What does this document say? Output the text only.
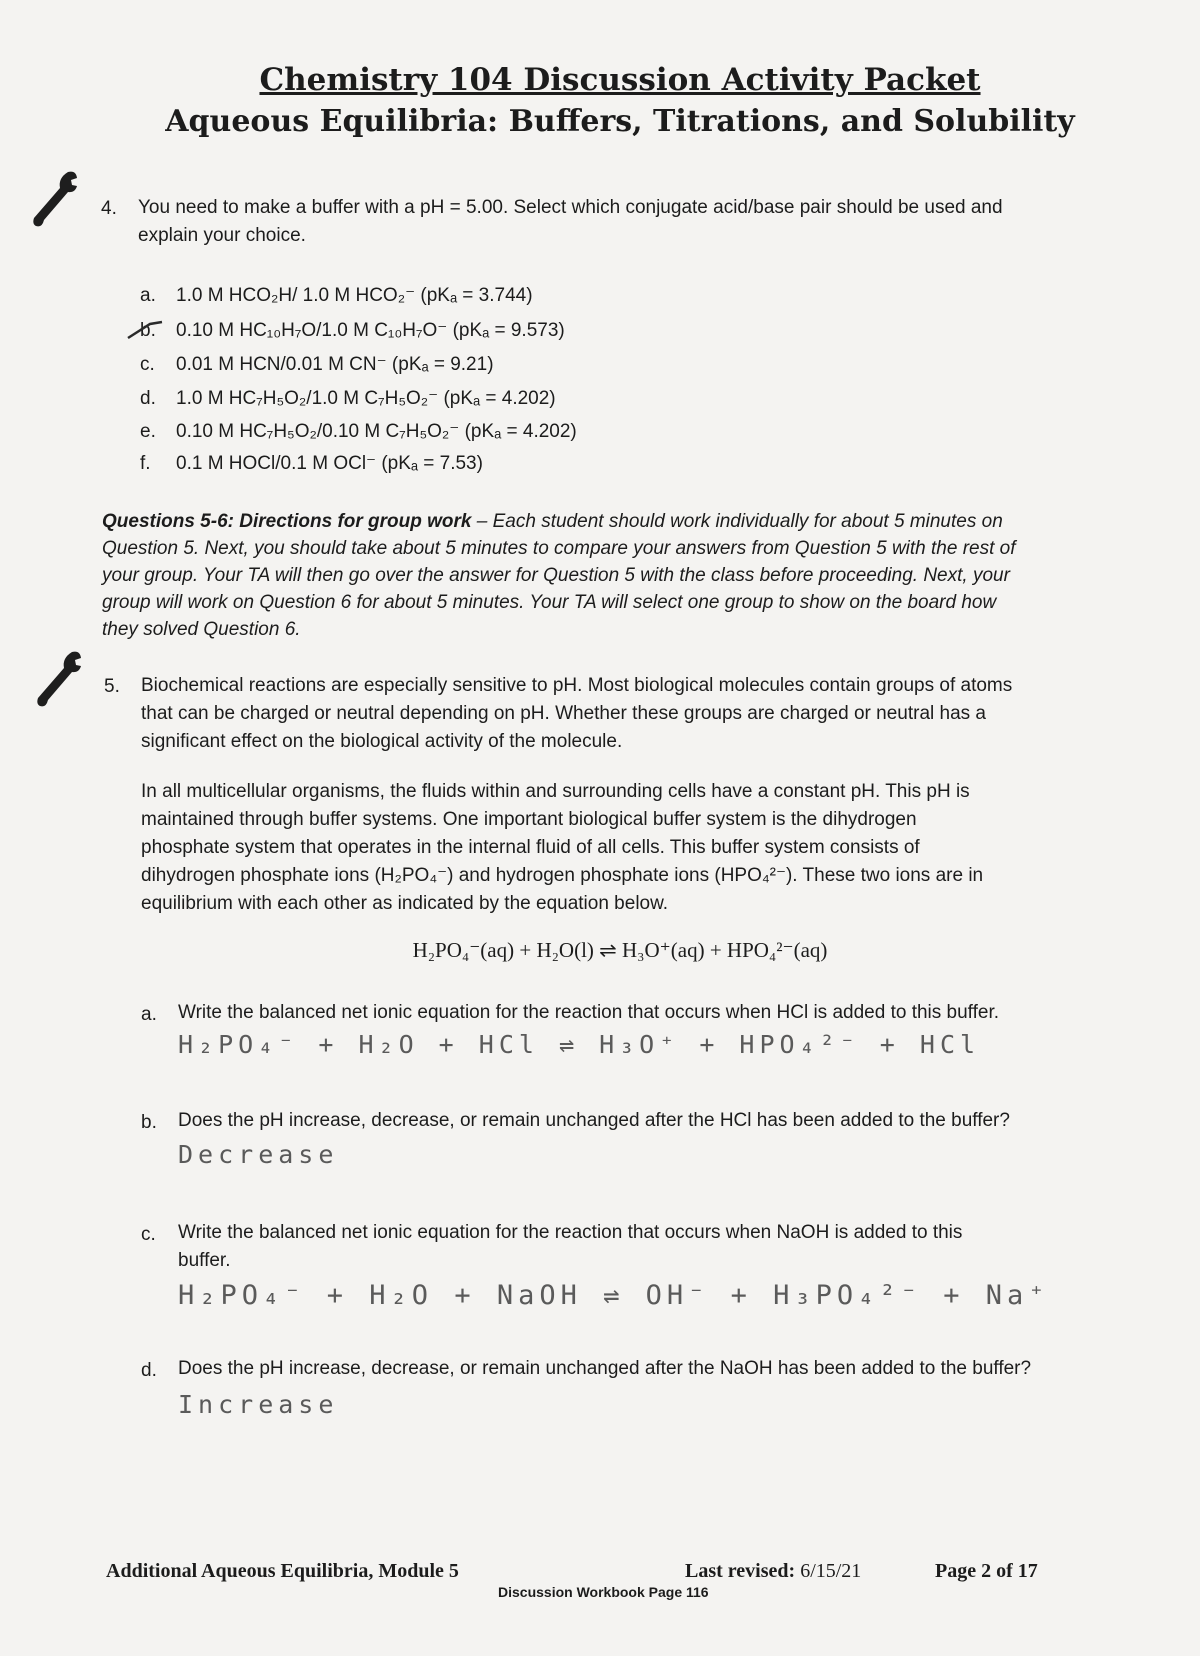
Chemistry 104 Discussion Activity Packet
Aqueous Equilibria: Buffers, Titrations, and Solubility
4. You need to make a buffer with a pH = 5.00. Select which conjugate acid/base pair should be used and
explain your choice.
a. 1.0 M HCO₂H/ 1.0 M HCO₂⁻ (pKₐ = 3.744)
b. 0.10 M HC₁₀H₇O/1.0 M C₁₀H₇O⁻ (pKₐ = 9.573)
c. 0.01 M HCN/0.01 M CN⁻ (pKₐ = 9.21)
d. 1.0 M HC₇H₅O₂/1.0 M C₇H₅O₂⁻ (pKₐ = 4.202)
e. 0.10 M HC₇H₅O₂/0.10 M C₇H₅O₂⁻ (pKₐ = 4.202)
f. 0.1 M HOCl/0.1 M OCl⁻ (pKₐ = 7.53)
Questions 5-6: Directions for group work – Each student should work individually for about 5 minutes on
Question 5. Next, you should take about 5 minutes to compare your answers from Question 5 with the rest of
your group. Your TA will then go over the answer for Question 5 with the class before proceeding. Next, your
group will work on Question 6 for about 5 minutes. Your TA will select one group to show on the board how
they solved Question 6.
5. Biochemical reactions are especially sensitive to pH. Most biological molecules contain groups of atoms
that can be charged or neutral depending on pH. Whether these groups are charged or neutral has a
significant effect on the biological activity of the molecule.
In all multicellular organisms, the fluids within and surrounding cells have a constant pH. This pH is
maintained through buffer systems. One important biological buffer system is the dihydrogen
phosphate system that operates in the internal fluid of all cells. This buffer system consists of
dihydrogen phosphate ions (H₂PO₄⁻) and hydrogen phosphate ions (HPO₄²⁻). These two ions are in
equilibrium with each other as indicated by the equation below.
H₂PO₄⁻(aq) + H₂O(l) ⇌ H₃O⁺(aq) + HPO₄²⁻(aq)
a. Write the balanced net ionic equation for the reaction that occurs when HCl is added to this buffer.
H₂PO₄⁻ + H₂O + HCl ⇌ H₃O⁺ + HPO₄²⁻ + HCl
b. Does the pH increase, decrease, or remain unchanged after the HCl has been added to the buffer?
Decrease
c. Write the balanced net ionic equation for the reaction that occurs when NaOH is added to this
buffer.
H₂PO₄⁻ + H₂O + NaOH ⇌ OH⁻ + H₃PO₄²⁻ + Na⁺
d. Does the pH increase, decrease, or remain unchanged after the NaOH has been added to the buffer?
Increase
Additional Aqueous Equilibria, Module 5	Last revised: 6/15/21	Page 2 of 17
Discussion Workbook Page 116
